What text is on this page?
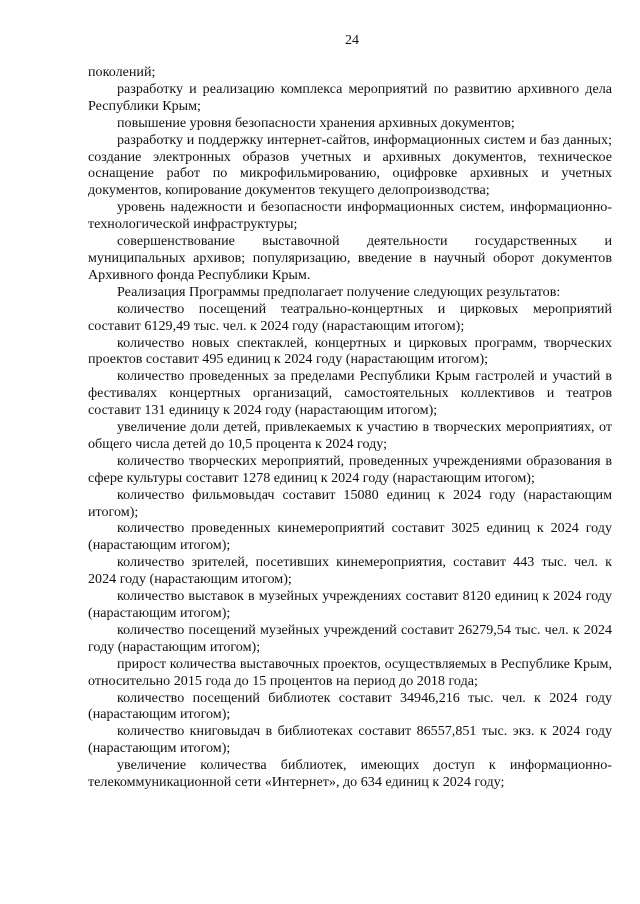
24

поколений;

разработку и реализацию комплекса мероприятий по развитию архивного дела Республики Крым;

повышение уровня безопасности хранения архивных документов;

разработку и поддержку интернет-сайтов, информационных систем и баз данных; создание электронных образов учетных и архивных документов, техническое оснащение работ по микрофильмированию, оцифровке архивных и учетных документов, копирование документов текущего делопроизводства;

уровень надежности и безопасности информационных систем, информационно-технологической инфраструктуры;

совершенствование выставочной деятельности государственных и муниципальных архивов; популяризацию, введение в научный оборот документов Архивного фонда Республики Крым.

Реализация Программы предполагает получение следующих результатов:

количество посещений театрально-концертных и цирковых мероприятий составит 6129,49 тыс. чел. к 2024 году (нарастающим итогом);

количество новых спектаклей, концертных и цирковых программ, творческих проектов составит 495 единиц к 2024 году (нарастающим итогом);

количество проведенных за пределами Республики Крым гастролей и участий в фестивалях концертных организаций, самостоятельных коллективов и театров составит 131 единицу к 2024 году (нарастающим итогом);

увеличение доли детей, привлекаемых к участию в творческих мероприятиях, от общего числа детей до 10,5 процента к 2024 году;

количество творческих мероприятий, проведенных учреждениями образования в сфере культуры составит 1278 единиц к 2024 году (нарастающим итогом);

количество фильмовыдач составит 15080 единиц к 2024 году (нарастающим итогом);

количество проведенных кинемероприятий составит 3025 единиц к 2024 году (нарастающим итогом);

количество зрителей, посетивших кинемероприятия, составит 443 тыс. чел. к 2024 году (нарастающим итогом);

количество выставок в музейных учреждениях составит 8120 единиц к 2024 году (нарастающим итогом);

количество посещений музейных учреждений составит 26279,54 тыс. чел. к 2024 году (нарастающим итогом);

прирост количества выставочных проектов, осуществляемых в Республике Крым, относительно 2015 года до 15 процентов на период до 2018 года;

количество посещений библиотек составит 34946,216 тыс. чел. к 2024 году (нарастающим итогом);

количество книговыдач в библиотеках составит 86557,851 тыс. экз. к 2024 году (нарастающим итогом);

увеличение количества библиотек, имеющих доступ к информационно-телекоммуникационной сети «Интернет», до 634 единиц к 2024 году;
